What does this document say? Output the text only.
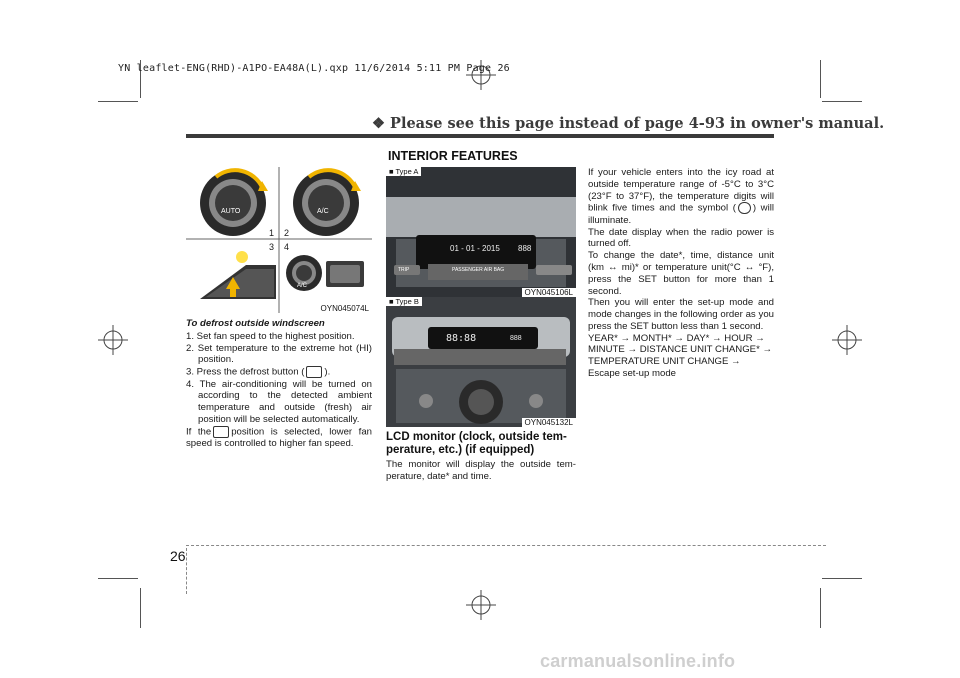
YN leaflet-ENG(RHD)-A1PO-EA48A(L).qxp 11/6/2014 5:11 PM Page 26
❖ Please see this page instead of page 4-93 in owner's manual.
INTERIOR FEATURES
AUTO	A/C
A/C
1 2
3 4
OYN045074L
To defrost outside windscreen
1. Set fan speed to the highest position.
2. Set temperature to the extreme hot (HI) position.
3. Press the defrost button ( ).
4. The air-conditioning will be turned on according to the detected ambient temperature and outside (fresh) air position will be selected automatically.

If the position is selected, lower fan speed is controlled to higher fan speed.

01 - 01 - 2015 888
TRIP	PASSENGER AIR BAG
■ Type A
OYN045106L
88:88	888
■ Type B
OYN045132L
LCD monitor (clock, outside tem-perature, etc.) (if equipped)
The monitor will display the outside tem-perature, date* and time.

If your vehicle enters into the icy road at outside temperature range of -5°C to 3°C (23°F to 37°F), the temperature digits will blink five times and the symbol ( ) will illuminate.

The date display when the radio power is turned off.

To change the date*, time, distance unit (km ↔ mi)* or temperature unit(°C ↔ °F), press the SET button for more than 1 second.

Then you will enter the set-up mode and mode changes in the following order as you press the SET button less than 1 second.

YEAR* → MONTH* → DAY* → HOUR → MINUTE → DISTANCE UNIT CHANGE* → TEMPERATURE UNIT CHANGE → Escape set-up mode

26
carmanualsonline.info
